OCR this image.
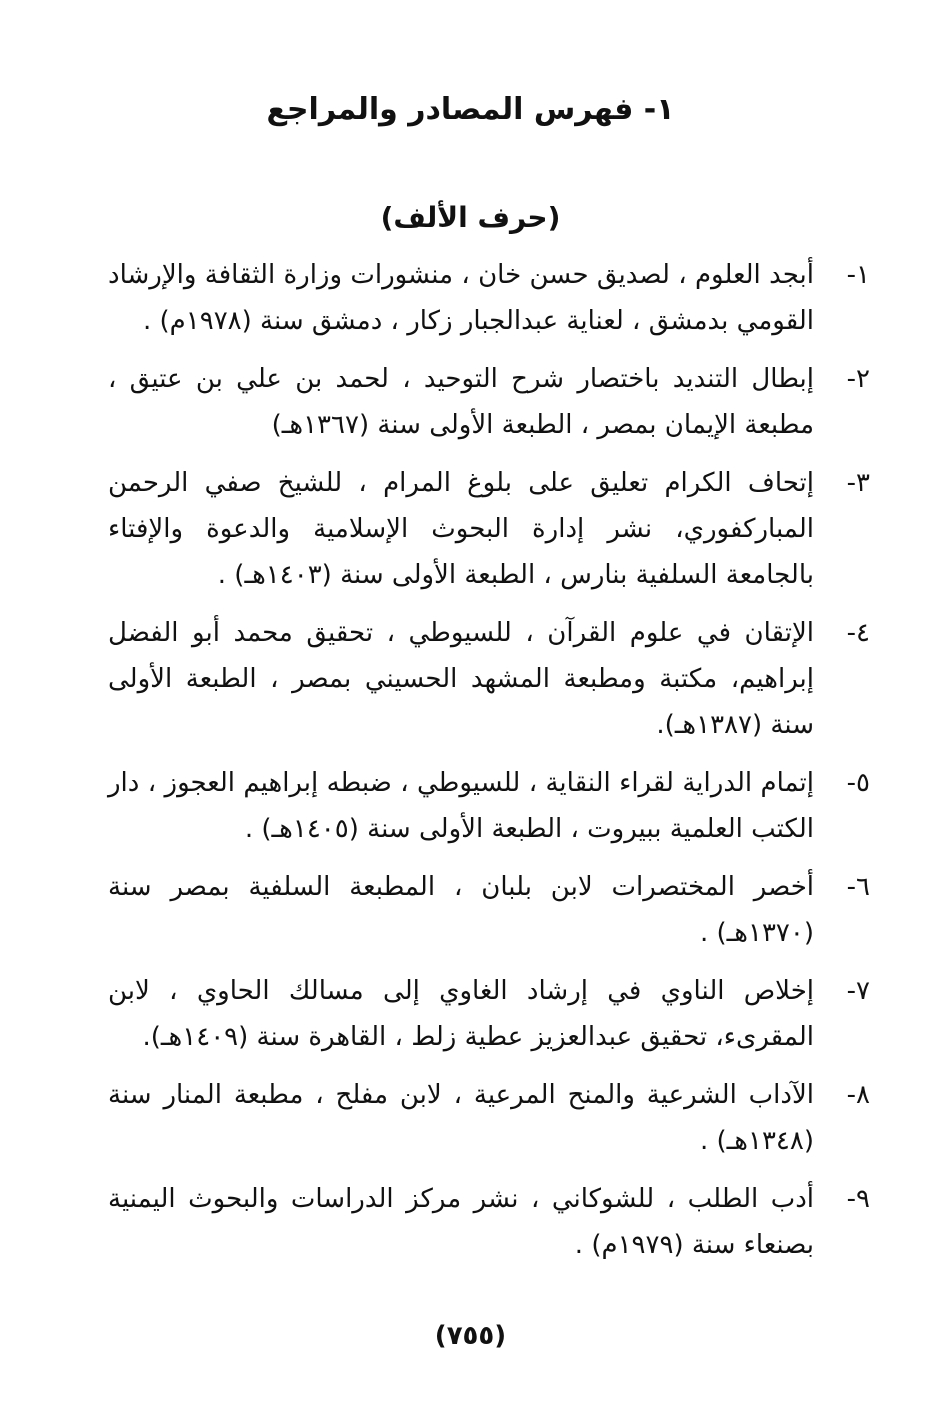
١- فهرس المصادر والمراجع
(حرف الألف)
١-
أبجد العلوم ، لصديق حسن خان ، منشورات وزارة الثقافة والإرشاد القومي بدمشق ، لعناية عبدالجبار زكار ، دمشق سنة (١٩٧٨م) .
٢-
إبطال التنديد باختصار شرح التوحيد ، لحمد بن علي بن عتيق ، مطبعة الإيمان بمصر ، الطبعة الأولى سنة (١٣٦٧هـ)
٣-
إتحاف الكرام تعليق على بلوغ المرام ، للشيخ صفي الرحمن المباركفوري، نشر إدارة البحوث الإسلامية والدعوة والإفتاء بالجامعة السلفية بنارس ، الطبعة الأولى سنة (١٤٠٣هـ) .
٤-
الإتقان في علوم القرآن ، للسيوطي ، تحقيق محمد أبو الفضل إبراهيم، مكتبة ومطبعة المشهد الحسيني بمصر ، الطبعة الأولى سنة (١٣٨٧هـ).
٥-
إتمام الدراية لقراء النقاية ، للسيوطي ، ضبطه إبراهيم العجوز ، دار الكتب العلمية ببيروت ، الطبعة الأولى سنة (١٤٠٥هـ) .
٦-
أخصر المختصرات لابن بلبان ، المطبعة السلفية بمصر سنة (١٣٧٠هـ) .
٧-
إخلاص الناوي في إرشاد الغاوي إلى مسالك الحاوي ، لابن المقرىء، تحقيق عبدالعزيز عطية زلط ، القاهرة سنة (١٤٠٩هـ).
٨-
الآداب الشرعية والمنح المرعية ، لابن مفلح ، مطبعة المنار سنة (١٣٤٨هـ) .
٩-
أدب الطلب ، للشوكاني ، نشر مركز الدراسات والبحوث اليمنية بصنعاء سنة (١٩٧٩م) .
(٧٥٥)
